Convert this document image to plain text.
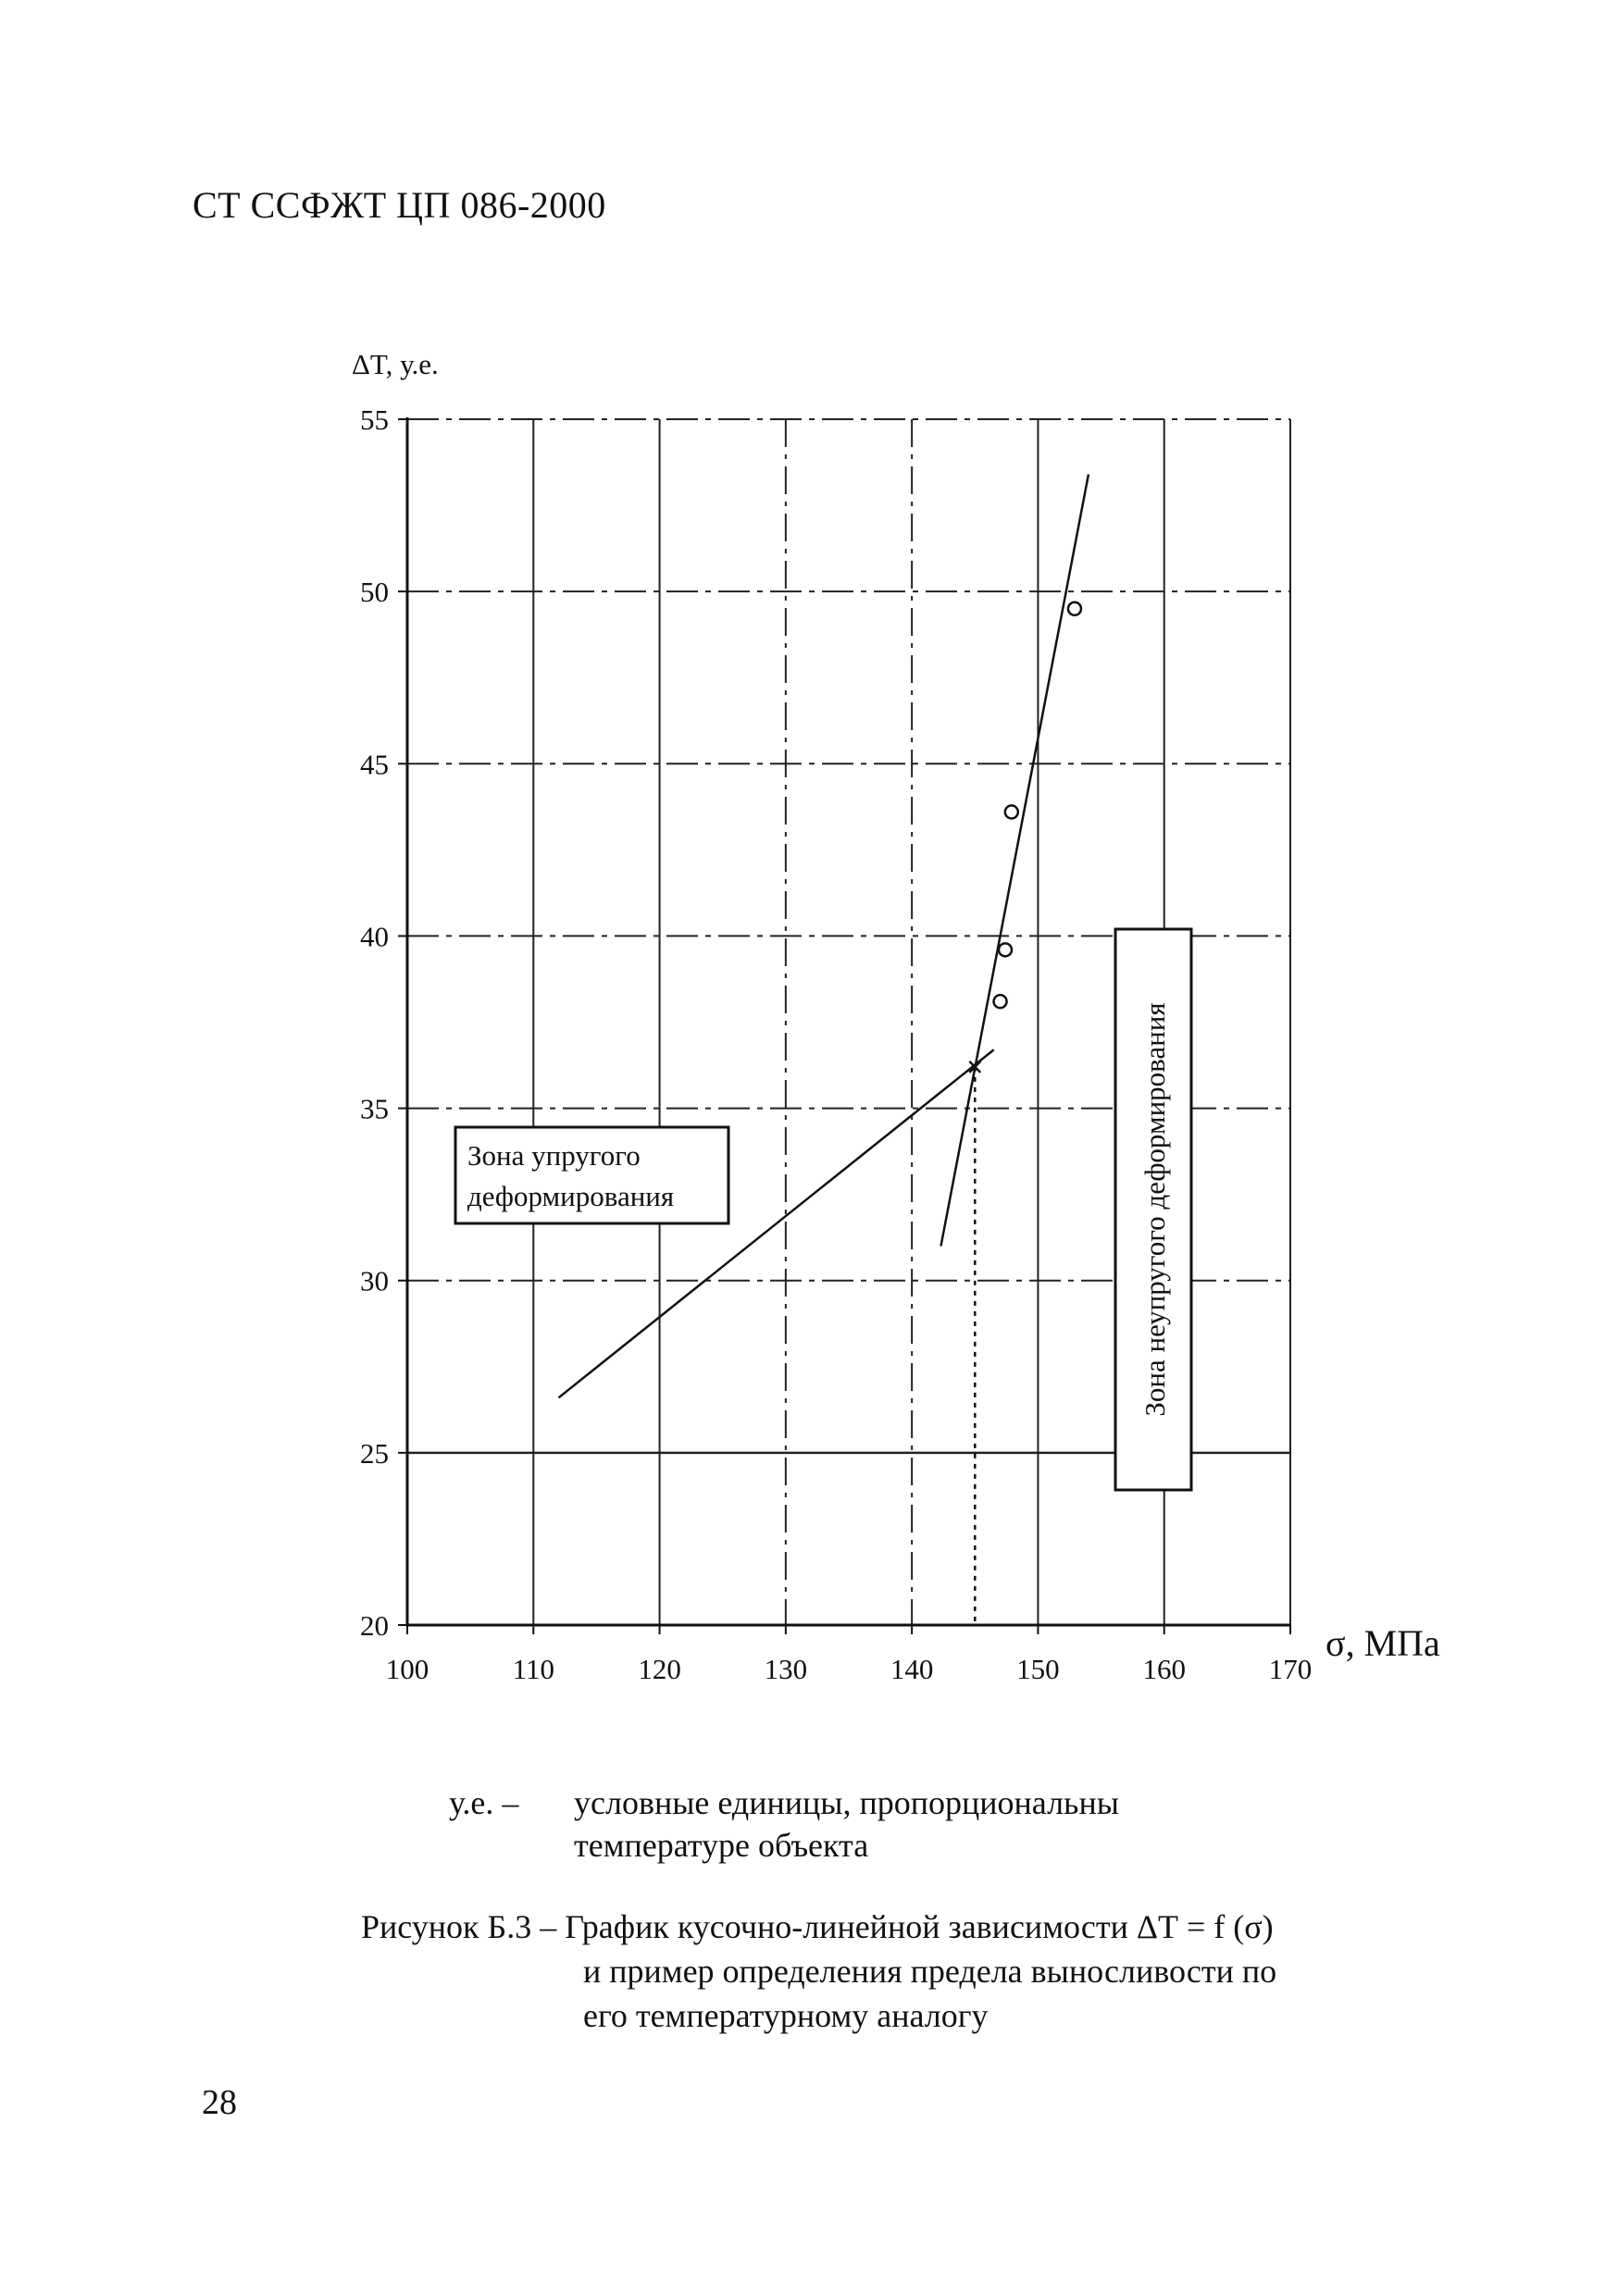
СТ ССФЖТ ЦП 086-2000
20
25
30
35
40
45
50
55
100	110	120	130	140	150	160	170
ΔT, у.е.
σ, МПа
Зона упругого
деформирования	Зона неупругого деформирования
у.е. – условные единицы, пропорциональны
температуре объекта
Рисунок Б.3 – График кусочно-линейной зависимости ΔТ = f (σ)
и пример определения предела выносливости по
его температурному аналогу
28
